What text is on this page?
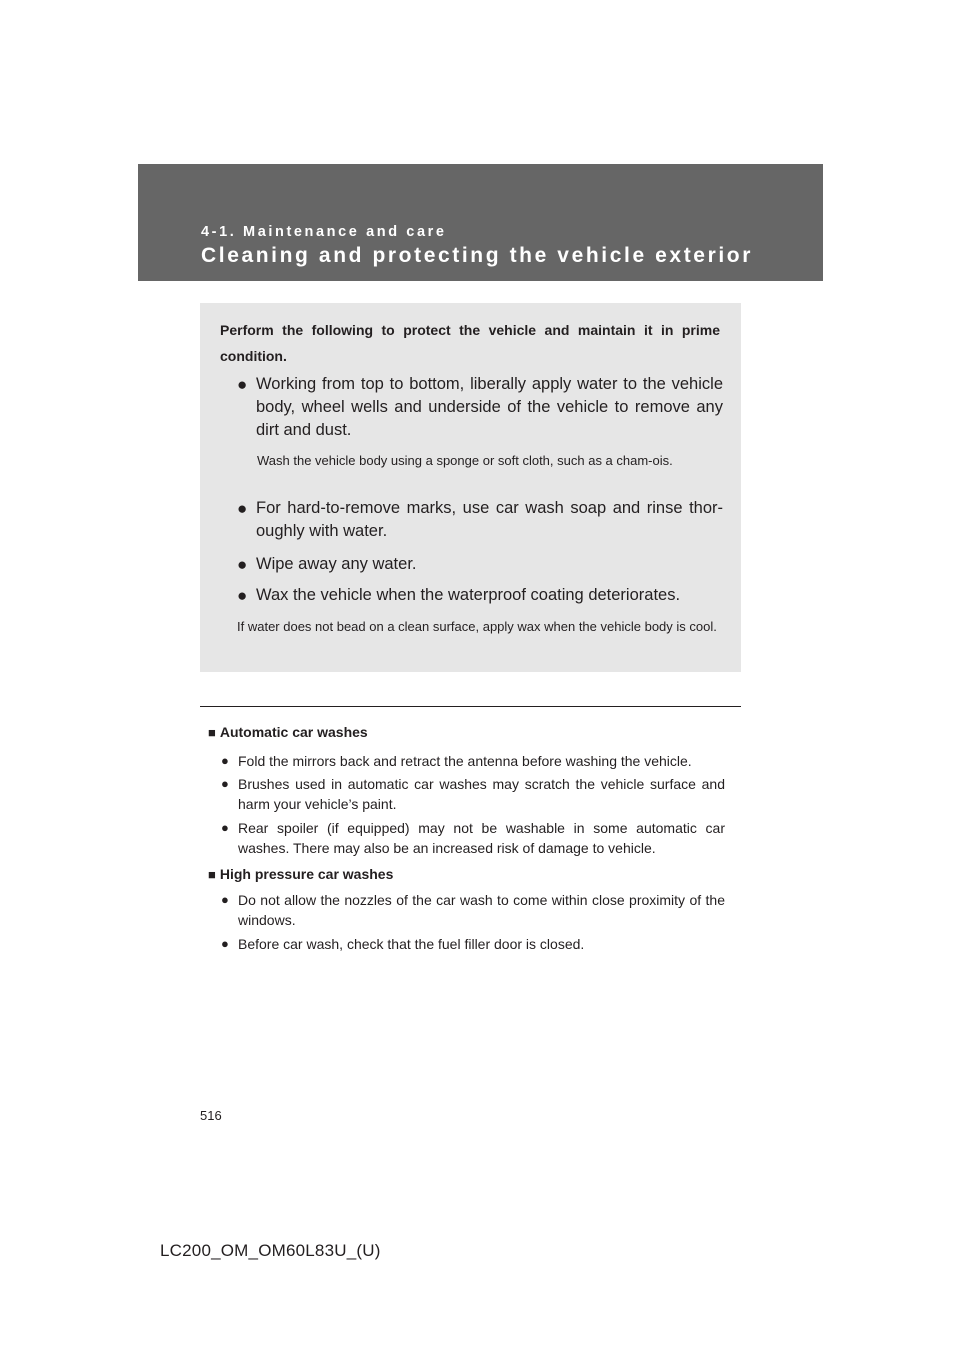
4-1. Maintenance and care
Cleaning and protecting the vehicle exterior
Perform the following to protect the vehicle and maintain it in prime condition.
● Working from top to bottom, liberally apply water to the vehicle body, wheel wells and underside of the vehicle to remove any dirt and dust.
Wash the vehicle body using a sponge or soft cloth, such as a cham-ois.
● For hard-to-remove marks, use car wash soap and rinse thor-oughly with water.
● Wipe away any water.
● Wax the vehicle when the waterproof coating deteriorates.
If water does not bead on a clean surface, apply wax when the vehicle body is cool.
■ Automatic car washes
● Fold the mirrors back and retract the antenna before washing the vehicle.
● Brushes used in automatic car washes may scratch the vehicle surface and harm your vehicle’s paint.
● Rear spoiler (if equipped) may not be washable in some automatic car washes. There may also be an increased risk of damage to vehicle.
■ High pressure car washes
● Do not allow the nozzles of the car wash to come within close proximity of the windows.
● Before car wash, check that the fuel filler door is closed.
516
LC200_OM_OM60L83U_(U)
